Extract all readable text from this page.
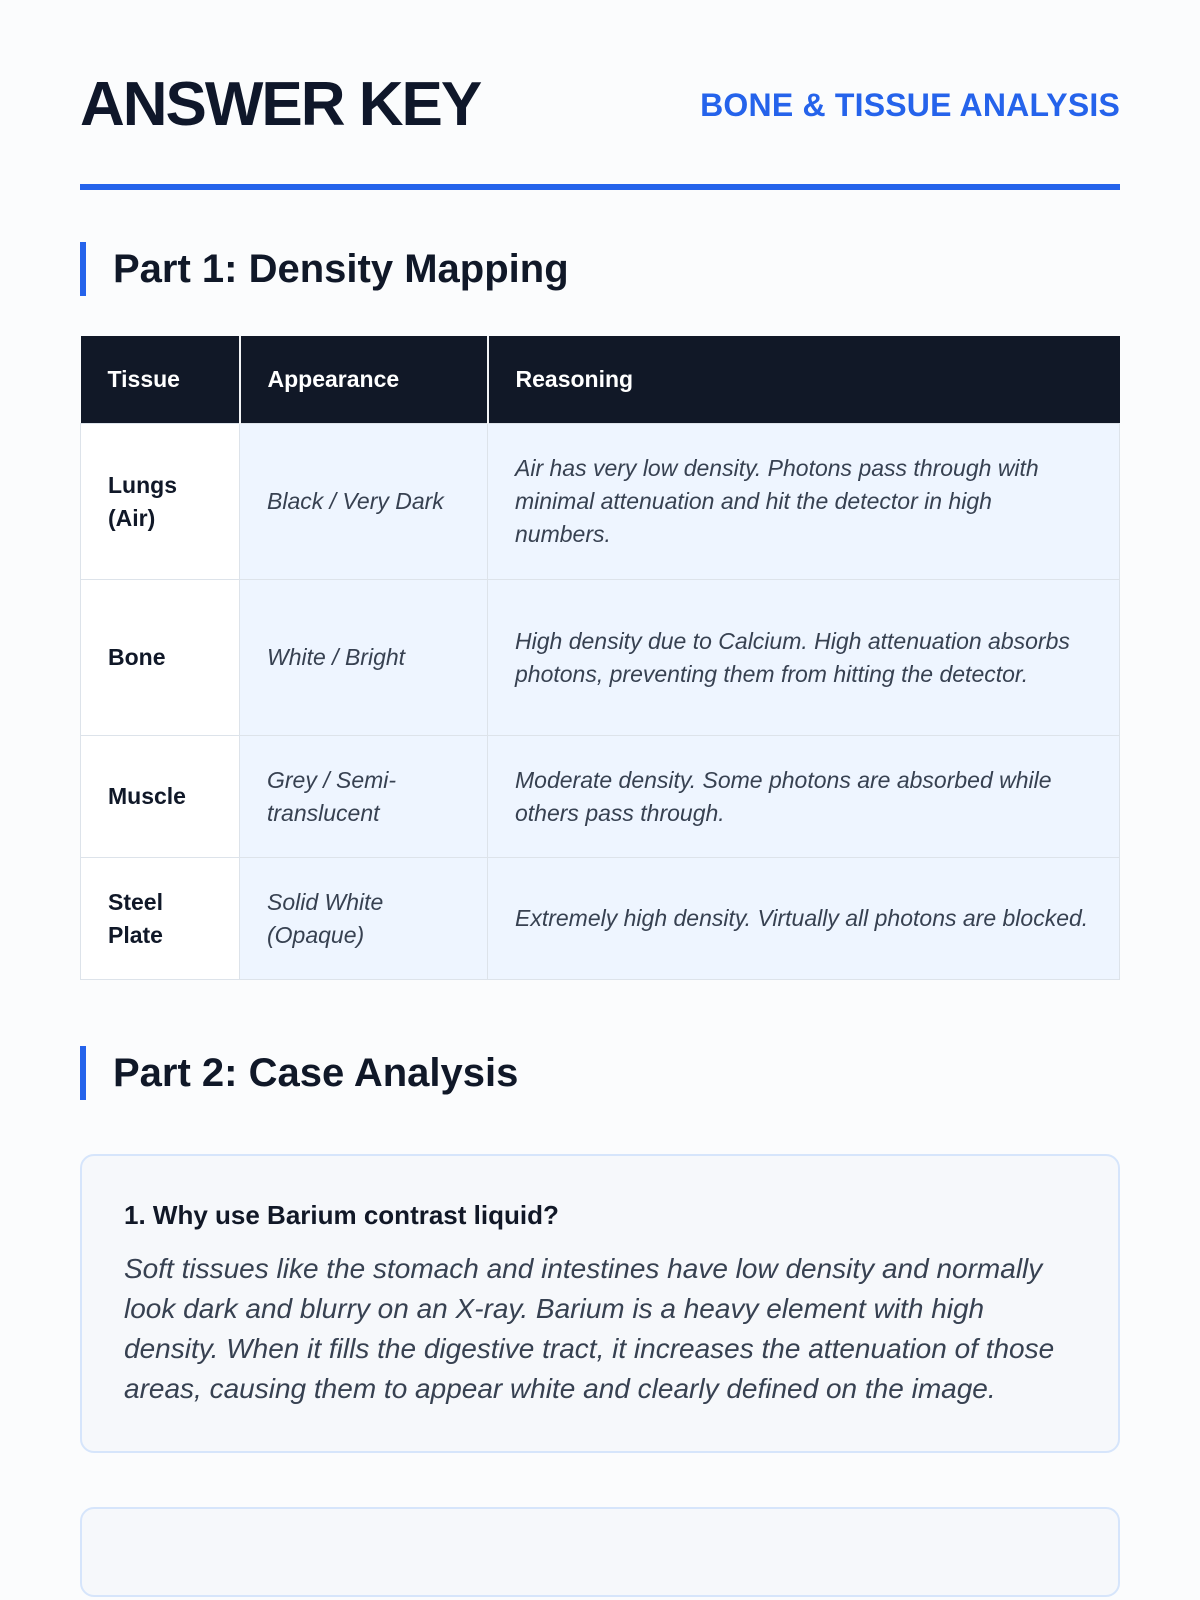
ANSWER KEY	BONE & TISSUE ANALYSIS
Part 1: Density Mapping
Tissue	Appearance	Reasoning
Lungs (Air)	Black / Very Dark	Air has very low density. Photons pass through with minimal attenuation and hit the detector in high numbers.
Bone	White / Bright	High density due to Calcium. High attenuation absorbs photons, preventing them from hitting the detector.
Muscle	Grey / Semi-translucent	Moderate density. Some photons are absorbed while others pass through.
Steel Plate	Solid White (Opaque)	Extremely high density. Virtually all photons are blocked.
Part 2: Case Analysis
1. Why use Barium contrast liquid?
Soft tissues like the stomach and intestines have low density and normally look dark and blurry on an X-ray. Barium is a heavy element with high density. When it fills the digestive tract, it increases the attenuation of those areas, causing them to appear white and clearly defined on the image.
